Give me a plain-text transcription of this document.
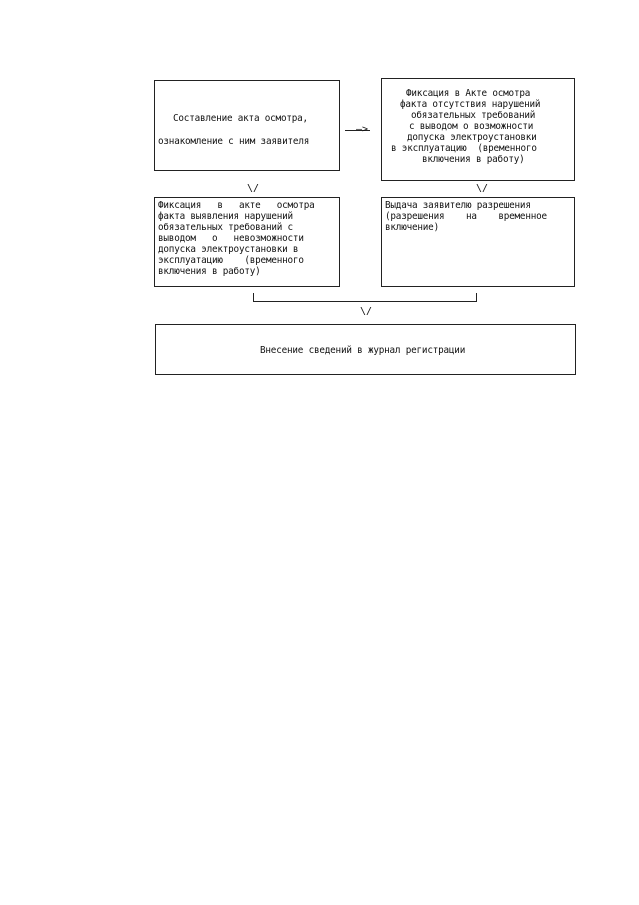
Составление акта осмотра,
ознакомление с ним заявителя
—>
Фиксация в Акте осмотра
факта отсутствия нарушений
обязательных требований
с выводом о возможности
допуска электроустановки
в эксплуатацию  (временного
включения в работу)
\/	\/
Фиксация   в   акте   осмотра
факта выявления нарушений
обязательных требований с
выводом   о   невозможности
допуска электроустановки в
эксплуатацию    (временного
включения в работу)
Выдача заявителю разрешения
(разрешения    на    временное
включение)
\/
Внесение сведений в журнал регистрации
